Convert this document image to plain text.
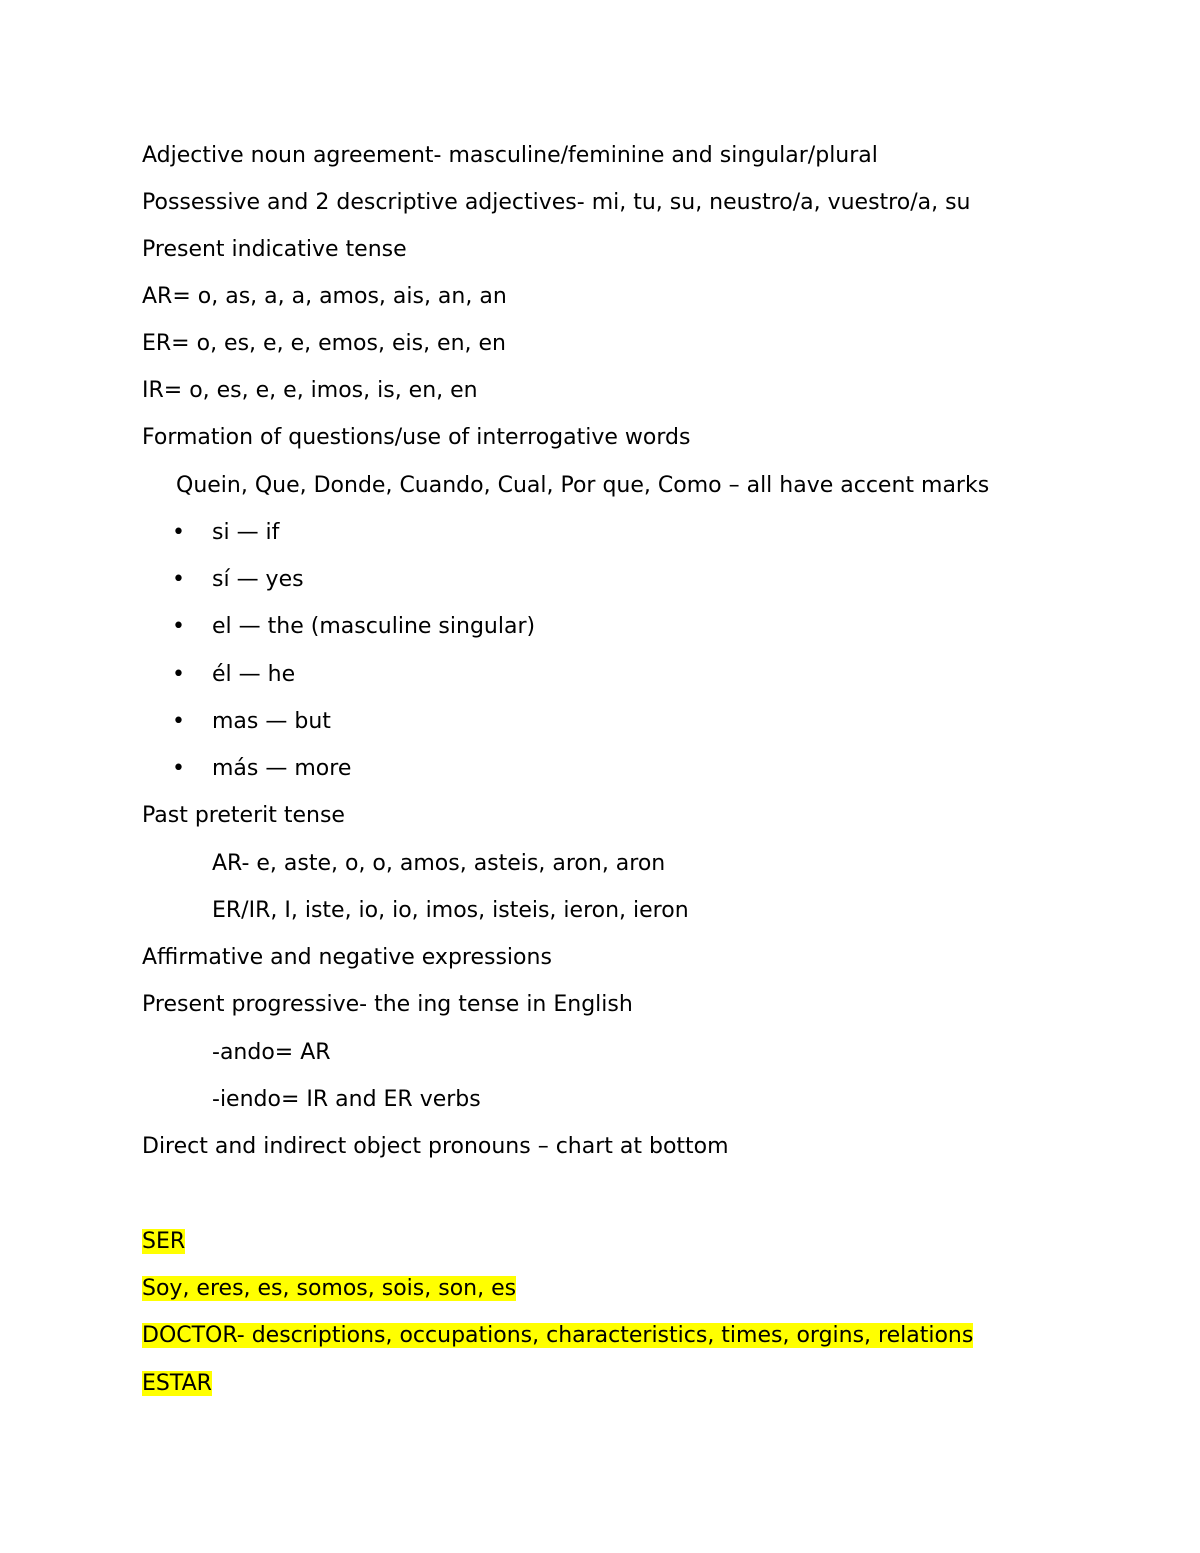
Adjective noun agreement- masculine/feminine and singular/plural
Possessive and 2 descriptive adjectives- mi, tu, su, neustro/a, vuestro/a, su
Present indicative tense
AR= o, as, a, a, amos, ais, an, an
ER= o, es, e, e, emos, eis, en, en
IR= o, es, e, e, imos, is, en, en
Formation of questions/use of interrogative words
Quein, Que, Donde, Cuando, Cual, Por que, Como – all have accent marks
• si — if
• sí — yes
• el — the (masculine singular)
• él — he
• mas — but
• más — more
Past preterit tense
AR- e, aste, o, o, amos, asteis, aron, aron
ER/IR, I, iste, io, io, imos, isteis, ieron, ieron
Affirmative and negative expressions
Present progressive- the ing tense in English
-ando= AR
-iendo= IR and ER verbs
Direct and indirect object pronouns – chart at bottom
SER
Soy, eres, es, somos, sois, son, es
DOCTOR- descriptions, occupations, characteristics, times, orgins, relations
ESTAR
